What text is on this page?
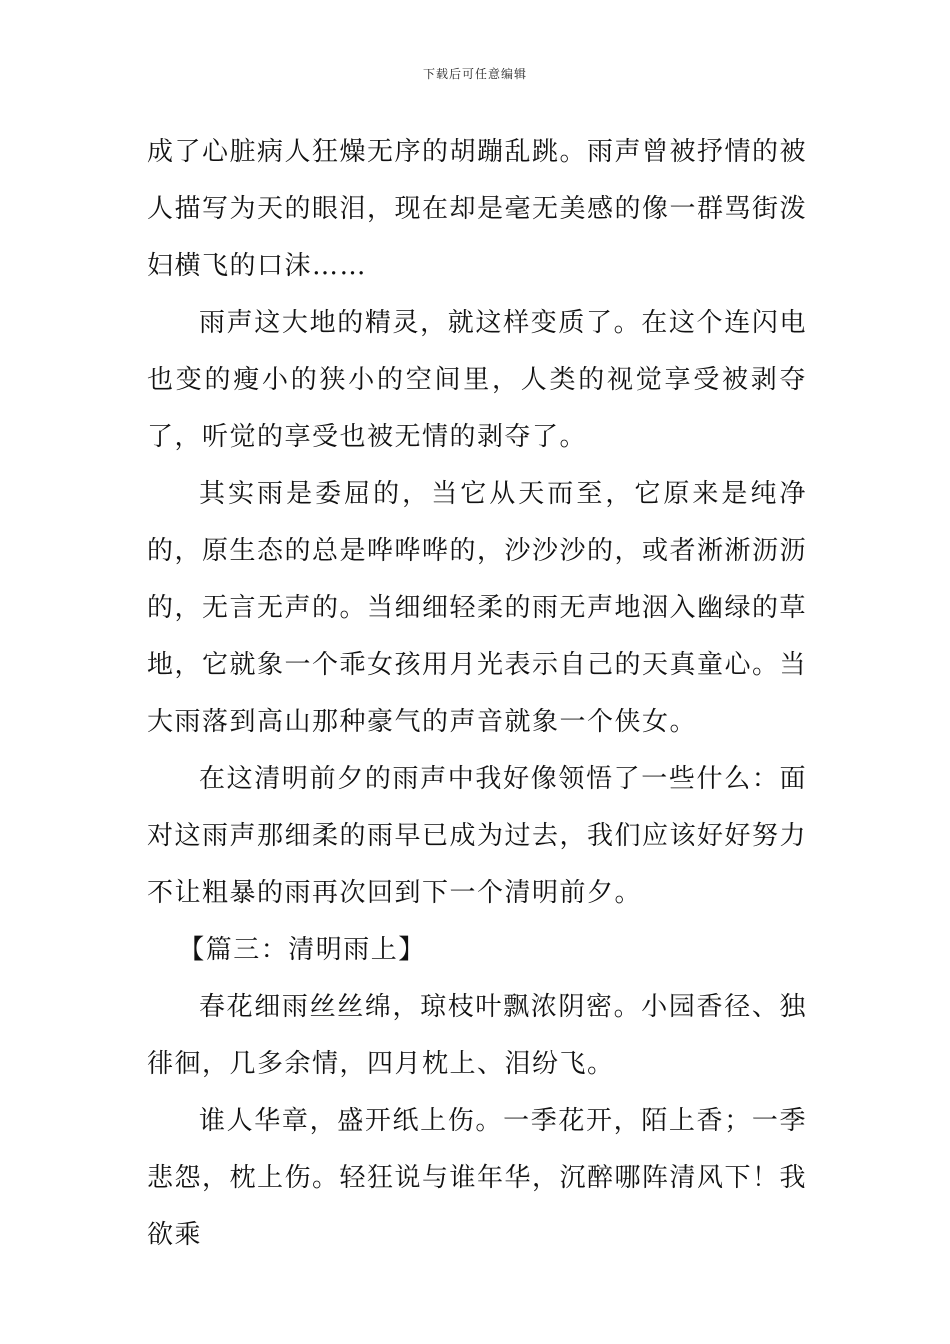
下载后可任意编辑

成了心脏病人狂燥无序的胡蹦乱跳。雨声曾被抒情的被人描写为天的眼泪，现在却是毫无美感的像一群骂街泼妇横飞的口沫……

雨声这大地的精灵，就这样变质了。在这个连闪电也变的瘦小的狭小的空间里，人类的视觉享受被剥夺了，听觉的享受也被无情的剥夺了。

其实雨是委屈的，当它从天而至，它原来是纯净的，原生态的总是哗哗哗的，沙沙沙的，或者淅淅沥沥的，无言无声的。当细细轻柔的雨无声地洇入幽绿的草地，它就象一个乖女孩用月光表示自己的天真童心。当大雨落到高山那种豪气的声音就象一个侠女。

在这清明前夕的雨声中我好像领悟了一些什么：面对这雨声那细柔的雨早已成为过去，我们应该好好努力不让粗暴的雨再次回到下一个清明前夕。

【篇三：清明雨上】

春花细雨丝丝绵，琼枝叶飘浓阴密。小园香径、独徘徊，几多余情，四月枕上、泪纷飞。

谁人华章，盛开纸上伤。一季花开，陌上香；一季悲怨，枕上伤。轻狂说与谁年华，沉醉哪阵清风下！我欲乘
